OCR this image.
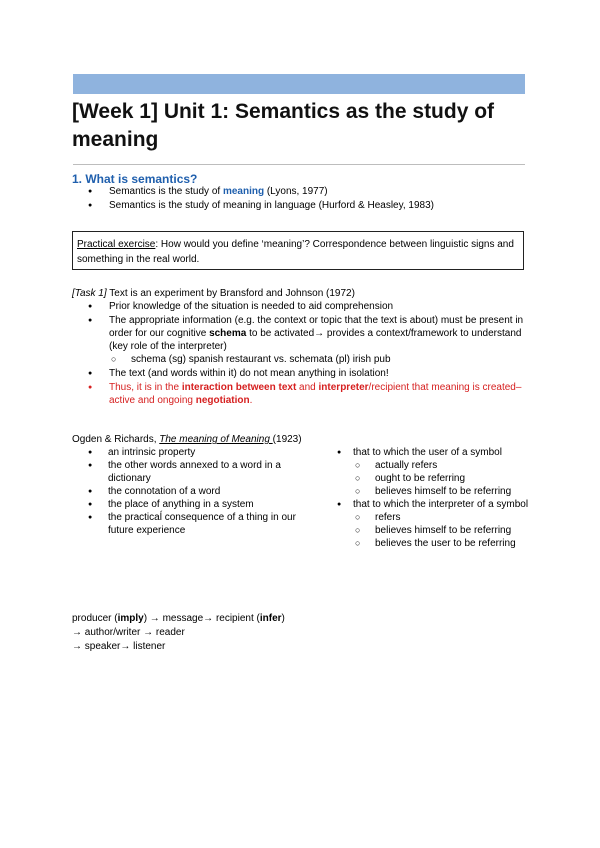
[Week 1] Unit 1: Semantics as the study of
meaning
1. What is semantics?
● Semantics is the study of meaning (Lyons, 1977)
● Semantics is the study of meaning in language (Hurford & Heasley, 1983)
Practical exercise: How would you define ‘meaning’? Correspondence between linguistic signs and something in the real world.
[Task 1] Text is an experiment by Bransford and Johnson (1972)
● Prior knowledge of the situation is needed to aid comprehension
● The appropriate information (e.g. the context or topic that the text is about) must be present in order for our cognitive schema to be activated→ provides a context/framework to understand (key role of the interpreter)
○ schema (sg) spanish restaurant vs. schemata (pl) irish pub
● The text (and words within it) do not mean anything in isolation!
● Thus, it is in the interaction between text and interpreter/recipient that meaning is created– active and ongoing negotiation.
Ogden & Richards, The meaning of Meaning (1923)
● an intrinsic property
● the other words annexed to a word in a dictionary
● the connotation of a word
● the place of anything in a system
● the practicaĺ consequence of a thing in our future experience
● that to which the user of a symbol
○ actually refers
○ ought to be referring
○ believes himself to be referring
● that to which the interpreter of a symbol
○ refers
○ believes himself to be referring
○ believes the user to be referring
producer (imply) → message→ recipient (infer)
→ author/writer → reader
→ speaker→ listener
